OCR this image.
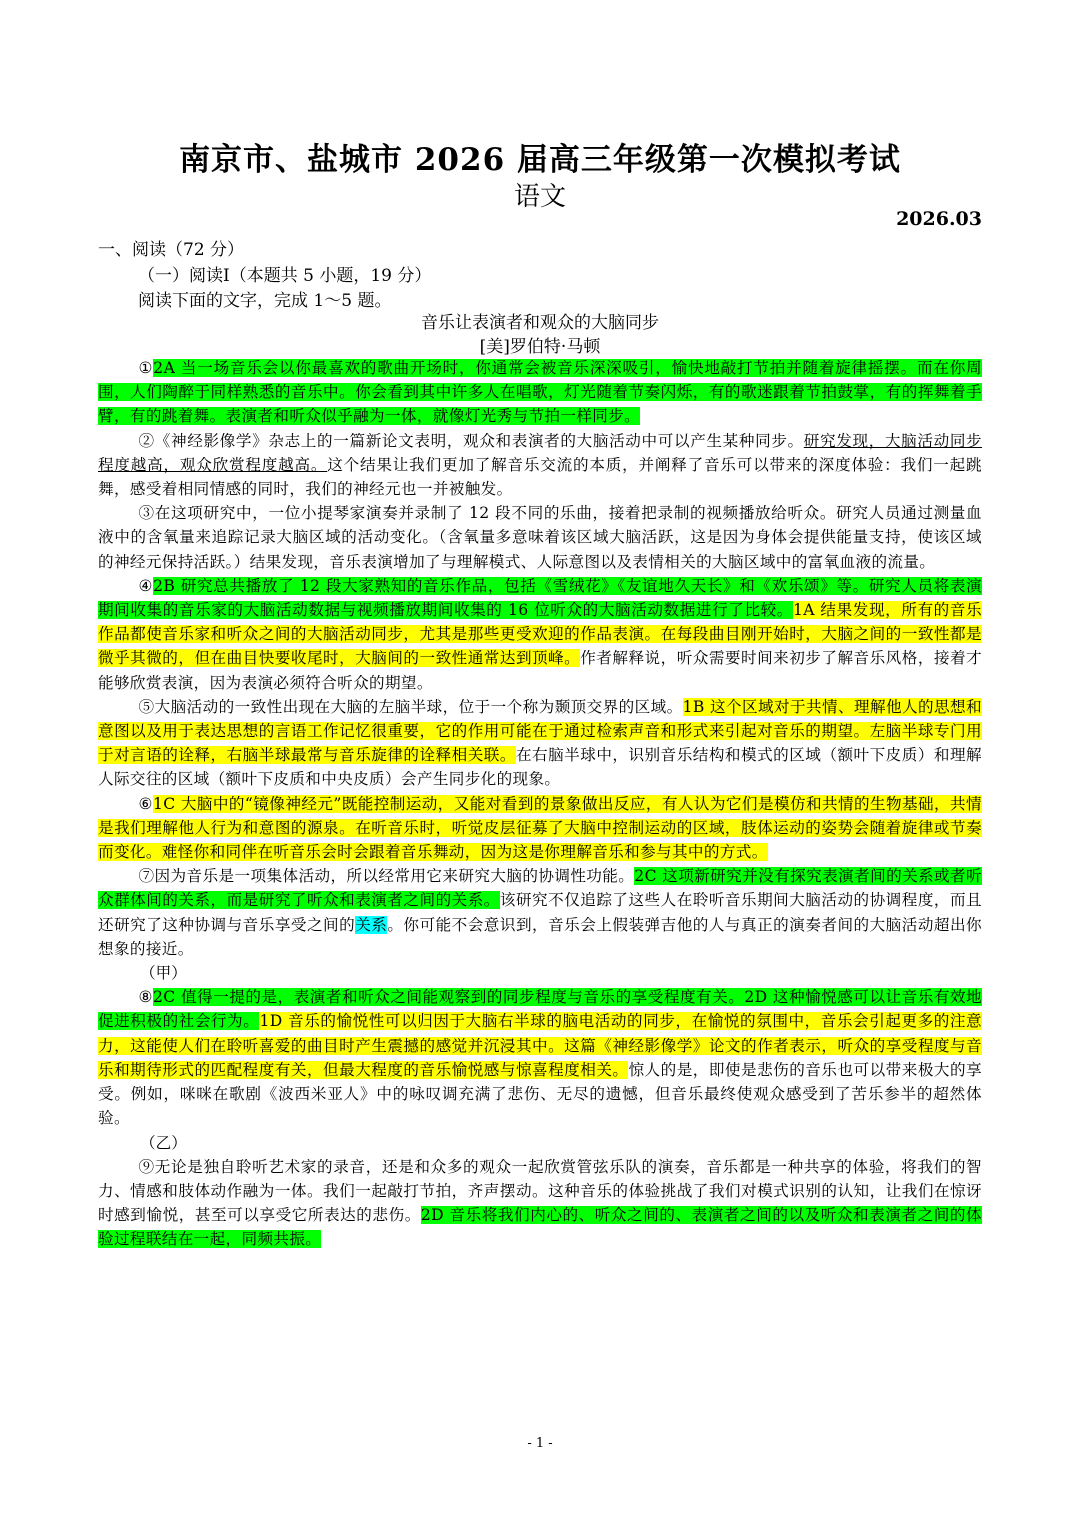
南京市、盐城市 2026 届高三年级第一次模拟考试
语文
2026.03
一、阅读（72 分）
（一）阅读I（本题共 5 小题，19 分）
阅读下面的文字，完成 1～5 题。
音乐让表演者和观众的大脑同步
[美]罗伯特·马顿

①2A 当一场音乐会以你最喜欢的歌曲开场时，你通常会被音乐深深吸引，愉快地敲打节拍并随着旋律摇摆。而在你周围，人们陶醉于同样熟悉的音乐中。你会看到其中许多人在唱歌，灯光随着节奏闪烁，有的歌迷跟着节拍鼓掌，有的挥舞着手臂，有的跳着舞。表演者和听众似乎融为一体，就像灯光秀与节拍一样同步。

②《神经影像学》杂志上的一篇新论文表明，观众和表演者的大脑活动中可以产生某种同步。研究发现，大脑活动同步程度越高，观众欣赏程度越高。这个结果让我们更加了解音乐交流的本质，并阐释了音乐可以带来的深度体验：我们一起跳舞，感受着相同情感的同时，我们的神经元也一并被触发。

③在这项研究中，一位小提琴家演奏并录制了 12 段不同的乐曲，接着把录制的视频播放给听众。研究人员通过测量血液中的含氧量来追踪记录大脑区域的活动变化。（含氧量多意味着该区域大脑活跃，这是因为身体会提供能量支持，使该区域的神经元保持活跃。）结果发现，音乐表演增加了与理解模式、人际意图以及表情相关的大脑区域中的富氧血液的流量。

④2B 研究总共播放了 12 段大家熟知的音乐作品，包括《雪绒花》《友谊地久天长》和《欢乐颂》等。研究人员将表演期间收集的音乐家的大脑活动数据与视频播放期间收集的 16 位听众的大脑活动数据进行了比较。1A 结果发现，所有的音乐作品都使音乐家和听众之间的大脑活动同步，尤其是那些更受欢迎的作品表演。在每段曲目刚开始时，大脑之间的一致性都是微乎其微的，但在曲目快要收尾时，大脑间的一致性通常达到顶峰。作者解释说，听众需要时间来初步了解音乐风格，接着才能够欣赏表演，因为表演必须符合听众的期望。

⑤大脑活动的一致性出现在大脑的左脑半球，位于一个称为颞顶交界的区域。1B 这个区域对于共情、理解他人的思想和意图以及用于表达思想的言语工作记忆很重要，它的作用可能在于通过检索声音和形式来引起对音乐的期望。左脑半球专门用于对言语的诠释，右脑半球最常与音乐旋律的诠释相关联。在右脑半球中，识别音乐结构和模式的区域（额叶下皮质）和理解人际交往的区域（额叶下皮质和中央皮质）会产生同步化的现象。

⑥1C 大脑中的“镜像神经元”既能控制运动，又能对看到的景象做出反应，有人认为它们是模仿和共情的生物基础，共情是我们理解他人行为和意图的源泉。在听音乐时，听觉皮层征募了大脑中控制运动的区域，肢体运动的姿势会随着旋律或节奏而变化。难怪你和同伴在听音乐会时会跟着音乐舞动，因为这是你理解音乐和参与其中的方式。

⑦因为音乐是一项集体活动，所以经常用它来研究大脑的协调性功能。2C 这项新研究并没有探究表演者间的关系或者听众群体间的关系，而是研究了听众和表演者之间的关系。该研究不仅追踪了这些人在聆听音乐期间大脑活动的协调程度，而且还研究了这种协调与音乐享受之间的关系。你可能不会意识到，音乐会上假装弹吉他的人与真正的演奏者间的大脑活动超出你想象的接近。

（甲）

⑧2C 值得一提的是，表演者和听众之间能观察到的同步程度与音乐的享受程度有关。2D 这种愉悦感可以让音乐有效地促进积极的社会行为。1D 音乐的愉悦性可以归因于大脑右半球的脑电活动的同步，在愉悦的氛围中，音乐会引起更多的注意力，这能使人们在聆听喜爱的曲目时产生震撼的感觉并沉浸其中。这篇《神经影像学》论文的作者表示，听众的享受程度与音乐和期待形式的匹配程度有关，但最大程度的音乐愉悦感与惊喜程度相关。惊人的是，即使是悲伤的音乐也可以带来极大的享受。例如，咪咪在歌剧《波西米亚人》中的咏叹调充满了悲伤、无尽的遗憾，但音乐最终使观众感受到了苦乐参半的超然体验。

（乙）

⑨无论是独自聆听艺术家的录音，还是和众多的观众一起欣赏管弦乐队的演奏，音乐都是一种共享的体验，将我们的智力、情感和肢体动作融为一体。我们一起敲打节拍，齐声摆动。这种音乐的体验挑战了我们对模式识别的认知，让我们在惊讶时感到愉悦，甚至可以享受它所表达的悲伤。2D 音乐将我们内心的、听众之间的、表演者之间的以及听众和表演者之间的体验过程联结在一起，同频共振。

- 1 -
